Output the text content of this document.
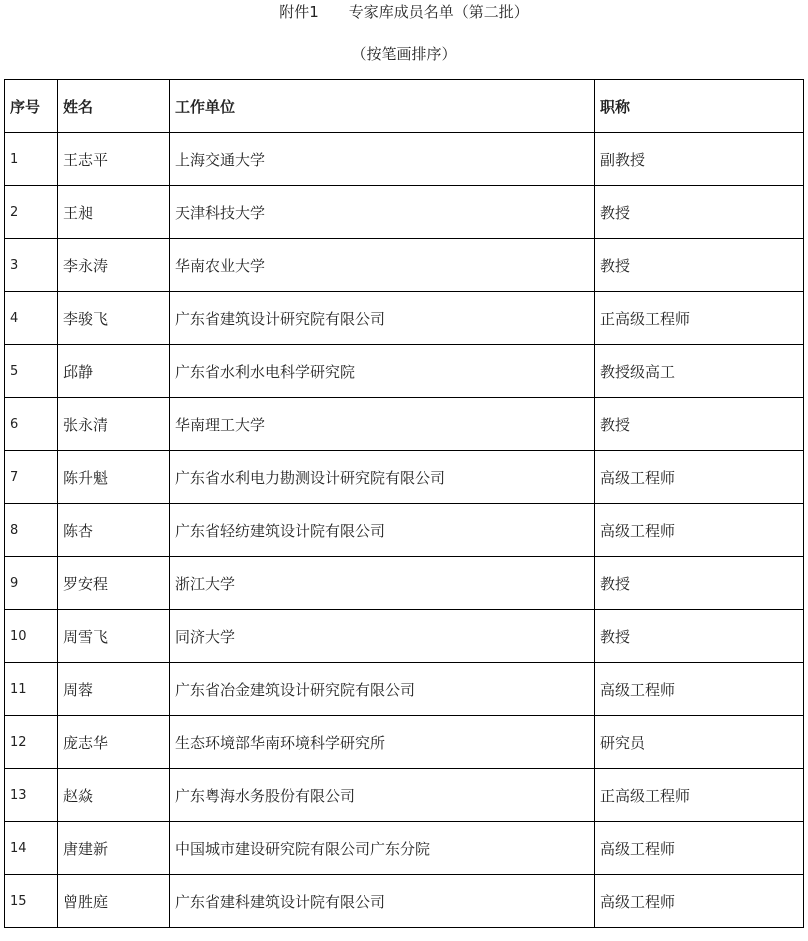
附件1　　专家库成员名单（第二批）
（按笔画排序）
序号	姓名	工作单位	职称
1	王志平	上海交通大学	副教授
2	王昶	天津科技大学	教授
3	李永涛	华南农业大学	教授
4	李骏飞	广东省建筑设计研究院有限公司	正高级工程师
5	邱静	广东省水利水电科学研究院	教授级高工
6	张永清	华南理工大学	教授
7	陈升魁	广东省水利电力勘测设计研究院有限公司	高级工程师
8	陈杏	广东省轻纺建筑设计院有限公司	高级工程师
9	罗安程	浙江大学	教授
10	周雪飞	同济大学	教授
11	周蓉	广东省冶金建筑设计研究院有限公司	高级工程师
12	庞志华	生态环境部华南环境科学研究所	研究员
13	赵焱	广东粤海水务股份有限公司	正高级工程师
14	唐建新	中国城市建设研究院有限公司广东分院	高级工程师
15	曾胜庭	广东省建科建筑设计院有限公司	高级工程师
